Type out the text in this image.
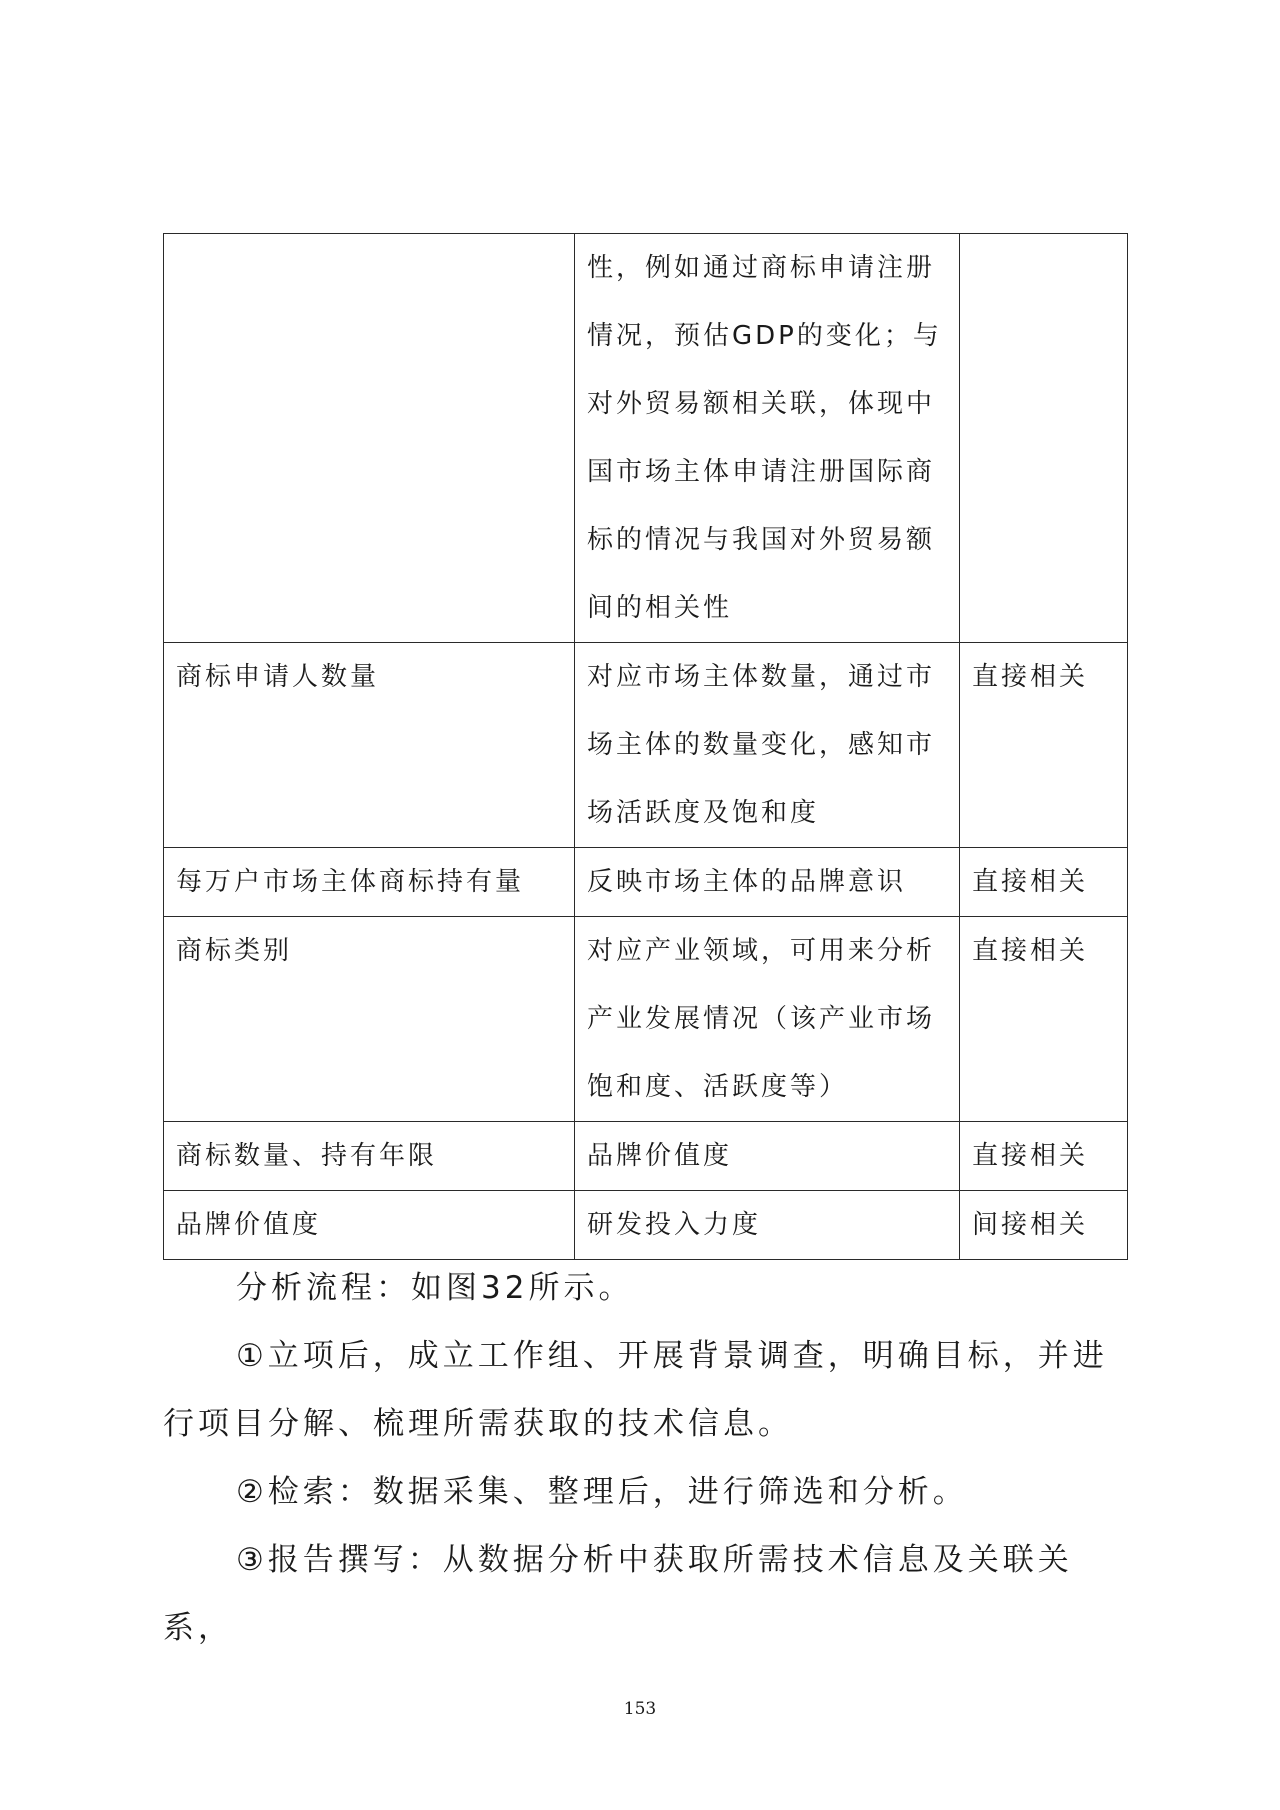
	性，例如通过商标申请注册情况，预估GDP的变化；与对外贸易额相关联，体现中国市场主体申请注册国际商标的情况与我国对外贸易额间的相关性	
商标申请人数量	对应市场主体数量，通过市场主体的数量变化，感知市场活跃度及饱和度	直接相关
每万户市场主体商标持有量	反映市场主体的品牌意识	直接相关
商标类别	对应产业领域，可用来分析产业发展情况（该产业市场饱和度、活跃度等）	直接相关
商标数量、持有年限	品牌价值度	直接相关
品牌价值度	研发投入力度	间接相关

分析流程：如图32所示。

①立项后，成立工作组、开展背景调查，明确目标，并进行项目分解、梳理所需获取的技术信息。

②检索：数据采集、整理后，进行筛选和分析。

③报告撰写：从数据分析中获取所需技术信息及关联关系，

153
